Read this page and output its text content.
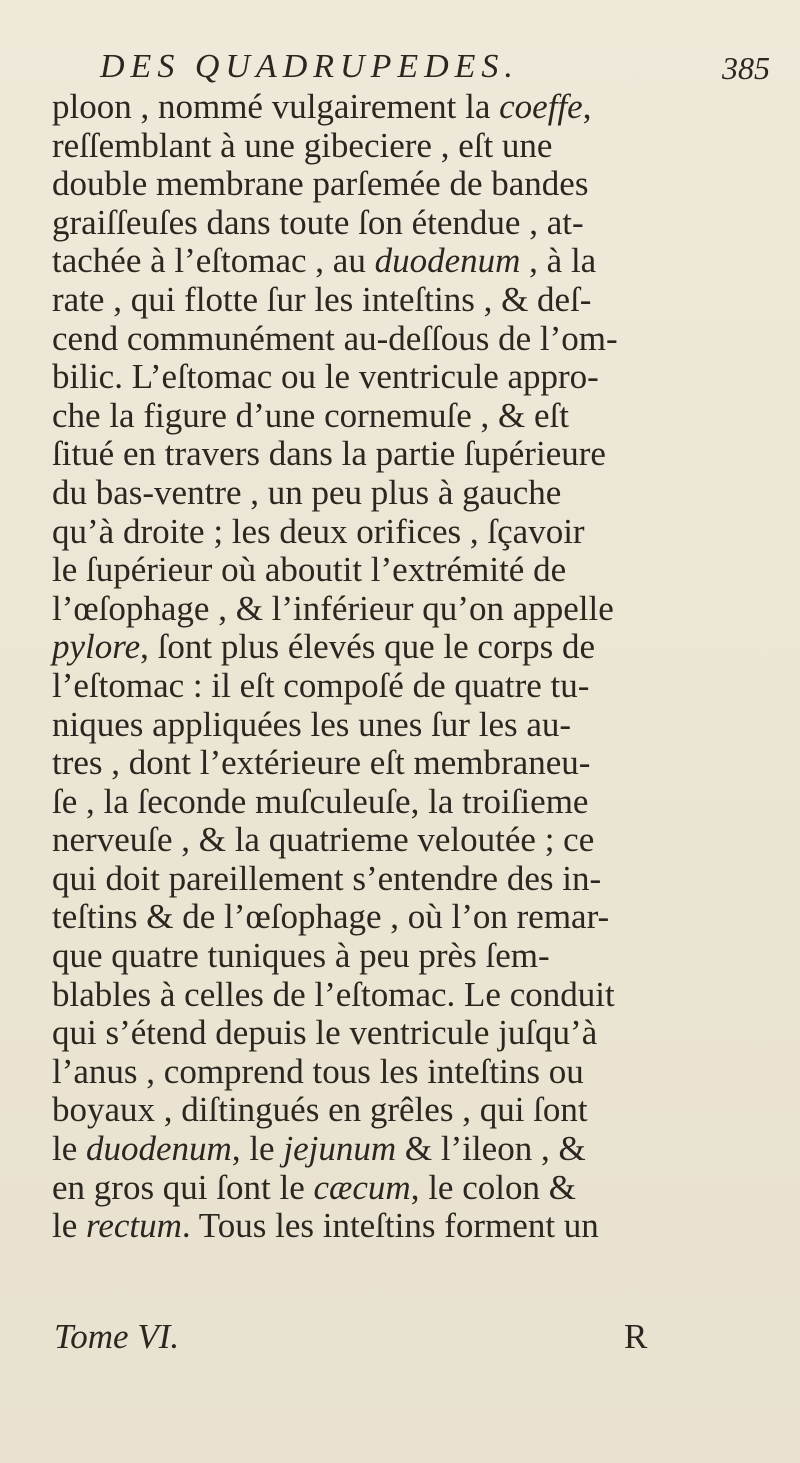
DES QUADRUPEDES.	385
ploon , nommé vulgairement la coeffe,
reſſemblant à une gibeciere , eſt une
double membrane parſemée de bandes
graiſſeuſes dans toute ſon étendue , at-
tachée à l’eſtomac , au duodenum , à la
rate , qui flotte ſur les inteſtins , & deſ-
cend communément au-deſſous de l’om-
bilic. L’eſtomac ou le ventricule appro-
che la figure d’une cornemuſe , & eſt
ſitué en travers dans la partie ſupérieure
du bas-ventre , un peu plus à gauche
qu’à droite ; les deux orifices , ſçavoir
le ſupérieur où aboutit l’extrémité de
l’œſophage , & l’inférieur qu’on appelle
pylore, ſont plus élevés que le corps de
l’eſtomac : il eſt compoſé de quatre tu-
niques appliquées les unes ſur les au-
tres , dont l’extérieure eſt membraneu-
ſe , la ſeconde muſculeuſe, la troiſieme
nerveuſe , & la quatrieme veloutée ; ce
qui doit pareillement s’entendre des in-
teſtins & de l’œſophage , où l’on remar-
que quatre tuniques à peu près ſem-
blables à celles de l’eſtomac. Le conduit
qui s’étend depuis le ventricule juſqu’à
l’anus , comprend tous les inteſtins ou
boyaux , diſtingués en grêles , qui ſont
le duodenum, le jejunum & l’ileon , &
en gros qui ſont le cæcum, le colon &
le rectum. Tous les inteſtins forment un
Tome VI.	R
